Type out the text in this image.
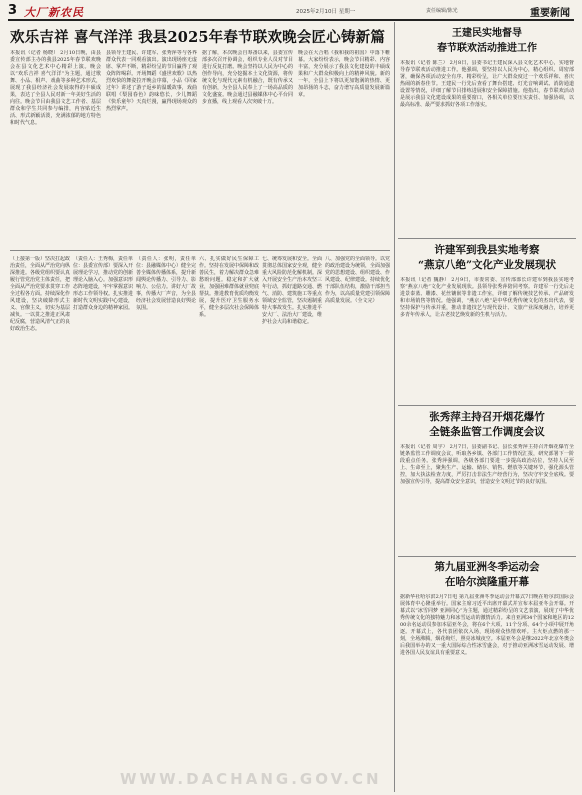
3 大厂新农民	2025年2月10日 星期一	责任编辑/陈光	重要新闻
欢乐吉祥 喜气洋洋 我县2025年春节联欢晚会匠心铸新篇
本报讯（记者 杨晓） 2月10日晚，由县委宣传部主办的我县2025年春节联欢晚会在县文化艺术中心精彩上演。晚会以“欢乐吉祥 喜气洋洋”为主题，通过歌舞、小品、相声、戏曲等多种艺术形式，展现了我县经济社会发展取得的丰硕成果，表达了全县人民对新一年美好生活的向往。晚会节目由我县文艺工作者、基层群众和学生共同参与编排，内容贴近生活、形式新颖活泼，充满浓郁的地方特色和时代气息。
县领导王建民、许建军、张秀萍等与各界群众代表一同观看演出。演出现场座无虚席、掌声不断，精彩纷呈的节目赢得了观众阵阵喝彩。开场舞蹈《盛世欢歌》以热烈欢快的舞姿拉开晚会序幕，小品《回家过年》讲述了游子返乡的温暖故事，戏曲联唱《梨园春色》韵味悠长，少儿舞蹈《快乐童年》天真烂漫，赢得现场观众的热烈掌声。
据了解，本次晚会自筹备以来，县委宣传部多次召开协调会，组织专业人员对节目进行反复打磨。晚会坚持以人民为中心的创作导向，充分挖掘本土文化资源，将传统文化与现代元素有机融合，既有传承又有创新，为全县人民奉上了一场高品质的文化盛宴。晚会通过县融媒体中心平台同步直播，线上观看人次突破十万。
晚会在大合唱《我和我的祖国》中落下帷幕。大家纷纷表示，晚会节目精彩、内容丰富，充分展示了我县文化建设的丰硕成果和广大群众积极向上的精神风貌。新的一年，全县上下将以更加饱满的热情、更加昂扬的斗志，奋力谱写高质量发展新篇章。
（上接第一版）坚决扛起政治责任，全面从严治党向纵深推进。各级党组织要认真履行管党治党主体责任，把全面从严治党要求贯穿工作全过程各方面。持续深化作风建设，坚决破除形式主义、官僚主义，切实为基层减负。一以贯之推进正风肃纪反腐，营造风清气正的良好政治生态。
（责任人：王秀梅，责任单位：县委宣传部）要深入开展理论学习，推动党的创新理论入脑入心。加强意识形态阵地建设，牢牢掌握意识形态工作领导权。扎实推进新时代文明实践中心建设，打造群众身边的精神家园。
（责任人：张明，责任单位：县融媒体中心）健全完善全媒体传播体系，提升新闻舆论传播力、引导力、影响力、公信力。讲好大厂故事，传播大厂声音，为全县经济社会发展营造良好舆论氛围。
六、扎实做好民生保障工作。坚持在发展中保障和改善民生，着力解决群众急难愁盼问题。稳定和扩大就业，加强困难群体就业兜底帮扶。推进教育优质均衡发展，提升医疗卫生服务水平，健全多层次社会保障体系。
七、统筹发展和安全。全面贯彻总体国家安全观，健全重大风险防范化解机制。深入开展安全生产治本攻坚三年行动，抓好道路交通、燃气、消防、建筑施工等重点领域安全监管，坚决遏制重特大事故发生。扎实推进平安大厂、法治大厂建设，维护社会大局和谐稳定。
八、加强党的全面领导。以党的政治建设为统领，全面加强党的思想建设、组织建设、作风建设、纪律建设。持续优化干部队伍结构，激励干部担当作为，以高质量党建引领保障高质量发展。（全文完）
王建民实地督导
春节联欢活动推进工作
本报讯（记者 陈兰） 2月8日，县委书记王建民深入县文化艺术中心，实地督导春节联欢活动推进工作。他强调，要坚持以人民为中心，精心组织、周密部署，确保各项活动安全有序、精彩纷呈，让广大群众度过一个欢乐祥和、喜庆热闹的新春佳节。王建民一行先后查看了舞台搭建、灯光音响调试、消防通道设置等情况，详细了解节目排练进展和安全保障措施。他指出，春节联欢活动是展示我县文化建设成果的重要窗口，各相关单位要压实责任、加强协调，以最高标准、最严要求抓好各项工作落实。
许建军到我县实地考察
“燕京八绝”文化产业发展现状
本报讯（记者 魏静） 2月9日，市委常委、宣传部部长许建军到我县实地考察“燕京八绝”文化产业发展现状。县领导张秀萍陪同考察。许建军一行先后走进景泰蓝、雕漆、花丝镶嵌等非遗工作室，详细了解传统技艺传承、产品研发和市场销售等情况。他强调，“燕京八绝”是中华优秀传统文化的杰出代表，要坚持保护与传承并重，推动非遗技艺与现代设计、文旅产业深度融合，培养更多青年传承人，让古老技艺焕发新的生机与活力。
张秀萍主持召开烟花爆竹
全链条监管工作调度会议
本报讯（记者 周宇） 2月7日，县委副书记、县长张秀萍主持召开烟花爆竹全链条监管工作调度会议，听取各乡镇、各部门工作情况汇报，研究部署下一阶段重点任务。张秀萍强调，各级各部门要进一步提高政治站位，坚持人民至上、生命至上，聚焦生产、运输、储存、销售、燃放等关键环节，强化源头管控，加大执法检查力度，严厉打击非法生产经营行为，坚决守牢安全底线。要加强宣传引导，提高群众安全意识，营造安全文明过节的良好氛围。
第九届亚洲冬季运动会
在哈尔滨隆重开幕
据新华社哈尔滨2月7日电 第九届亚洲冬季运动会开幕式7日晚在哈尔滨国际会展体育中心隆重举行。国家主席习近平出席开幕式并宣布本届亚冬会开幕。开幕式以“冰雪同梦 亚洲同心”为主题，通过精彩纷呈的文艺表演，展现了中华优秀传统文化的独特魅力和冰雪运动的激情活力。来自亚洲34个国家和地区的1200余名运动员参加本届亚冬会，将在6个大项、11个分项、64个小项中展开角逐。开幕式上，各代表团依次入场，现场观众热情欢呼。主火炬点燃的那一刻，全场沸腾，烟花绚烂，照亮冰城夜空。本届亚冬会是继2022年北京冬奥会后我国举办的又一重大国际综合性冰雪盛会，对于推动亚洲冰雪运动发展、增进各国人民友谊具有重要意义。
WWW.DACHANG.GOV.CN
